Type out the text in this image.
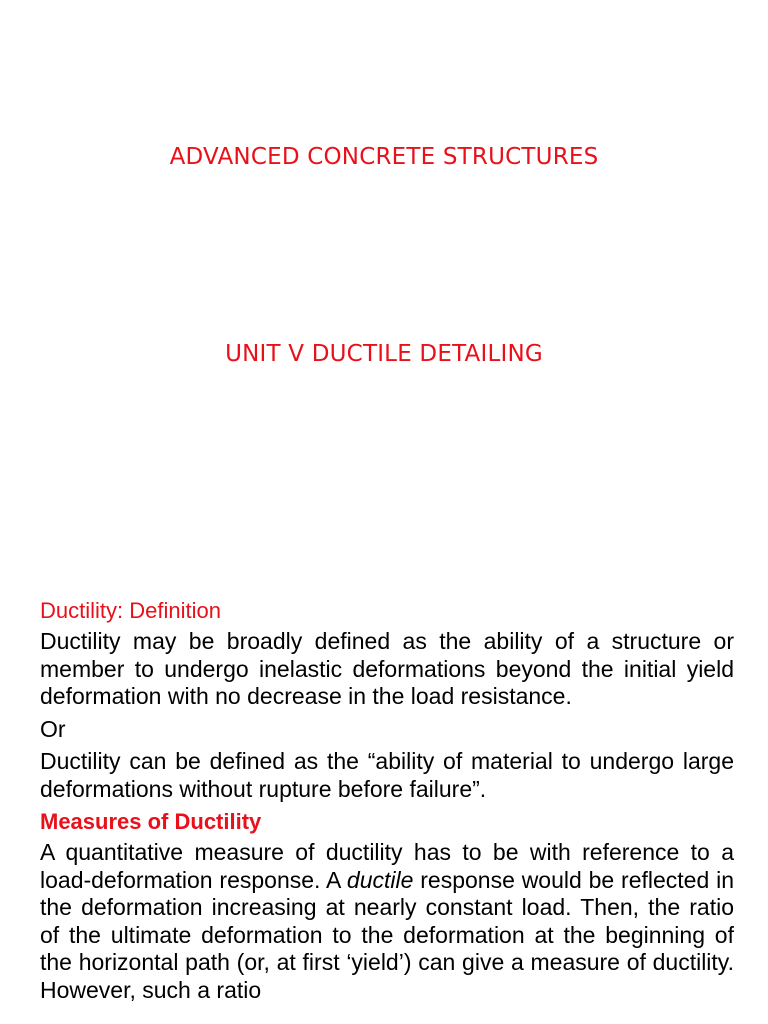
ADVANCED CONCRETE STRUCTURES
UNIT V DUCTILE DETAILING
Ductility: Definition

Ductility may be broadly defined as the ability of a structure or member to undergo inelastic deformations beyond the initial yield deformation with no decrease in the load resistance.

Or

Ductility can be defined as the “ability of material to undergo large deformations without rupture before failure”.

Measures of Ductility

A quantitative measure of ductility has to be with reference to a load-deformation response. A ductile response would be reflected in the deformation increasing at nearly constant load. Then, the ratio of the ultimate deformation to the deformation at the beginning of the horizontal path (or, at first ‘yield’) can give a measure of ductility. However, such a ratio
